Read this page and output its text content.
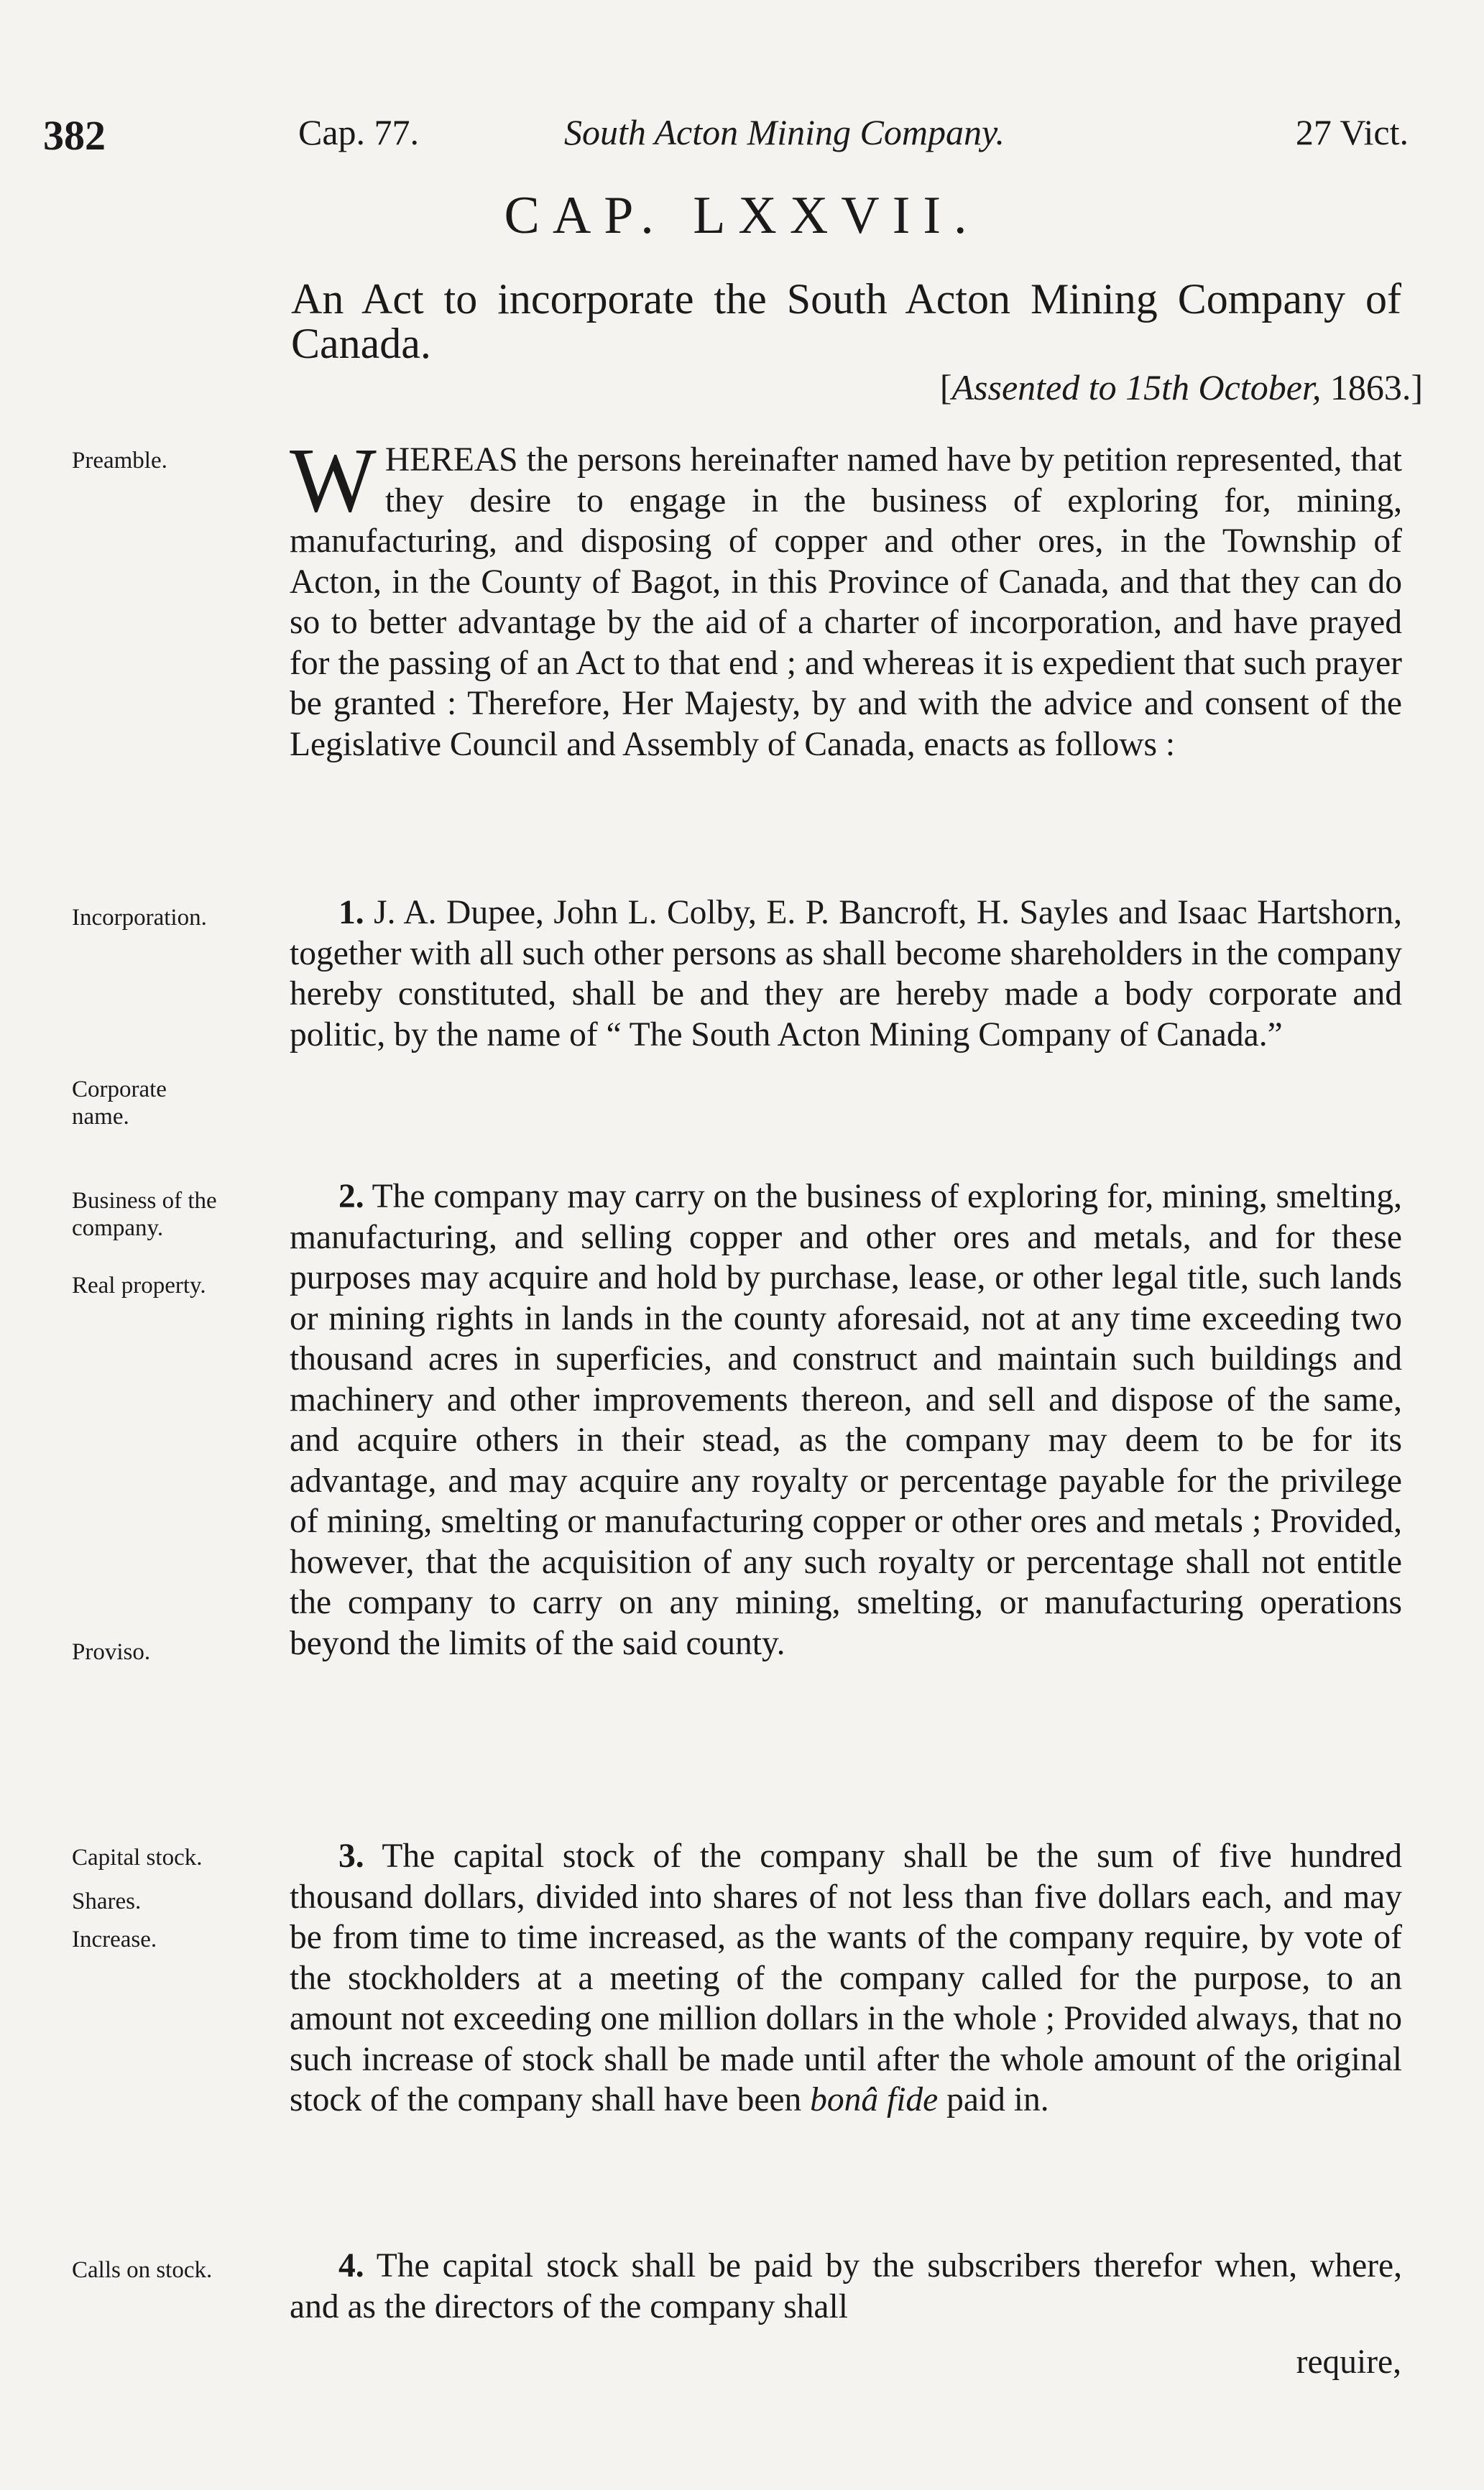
382	Cap. 77.	South Acton Mining Company.	27 Vict.
CAP. LXXVII.
An Act to incorporate the South Acton Mining Company of Canada.
[Assented to 15th October, 1863.]
Preamble.
Incorporation.
Corporate name.
Business of the company.
Real property.
Proviso.
Capital stock.
Shares.
Increase.
Calls on stock.

WHEREAS the persons hereinafter named have by petition represented, that they desire to engage in the business of exploring for, mining, manufacturing, and disposing of copper and other ores, in the Township of Acton, in the County of Bagot, in this Province of Canada, and that they can do so to better advantage by the aid of a charter of incorporation, and have prayed for the passing of an Act to that end ; and whereas it is expedient that such prayer be granted : Therefore, Her Majesty, by and with the advice and consent of the Legislative Council and Assembly of Canada, enacts as follows :

1. J. A. Dupee, John L. Colby, E. P. Bancroft, H. Sayles and Isaac Hartshorn, together with all such other persons as shall become shareholders in the company hereby constituted, shall be and they are hereby made a body corporate and politic, by the name of “ The South Acton Mining Company of Canada.”

2. The company may carry on the business of exploring for, mining, smelting, manufacturing, and selling copper and other ores and metals, and for these purposes may acquire and hold by purchase, lease, or other legal title, such lands or mining rights in lands in the county aforesaid, not at any time exceeding two thousand acres in superficies, and construct and maintain such buildings and machinery and other improvements thereon, and sell and dispose of the same, and acquire others in their stead, as the company may deem to be for its advantage, and may acquire any royalty or percentage payable for the privilege of mining, smelting or manufacturing copper or other ores and metals ; Provided, however, that the acquisition of any such royalty or percentage shall not entitle the company to carry on any mining, smelting, or manufacturing operations beyond the limits of the said county.

3. The capital stock of the company shall be the sum of five hundred thousand dollars, divided into shares of not less than five dollars each, and may be from time to time increased, as the wants of the company require, by vote of the stockholders at a meeting of the company called for the purpose, to an amount not exceeding one million dollars in the whole ; Provided always, that no such increase of stock shall be made until after the whole amount of the original stock of the company shall have been bonâ fide paid in.

4. The capital stock shall be paid by the subscribers therefor when, where, and as the directors of the company shall

require,
